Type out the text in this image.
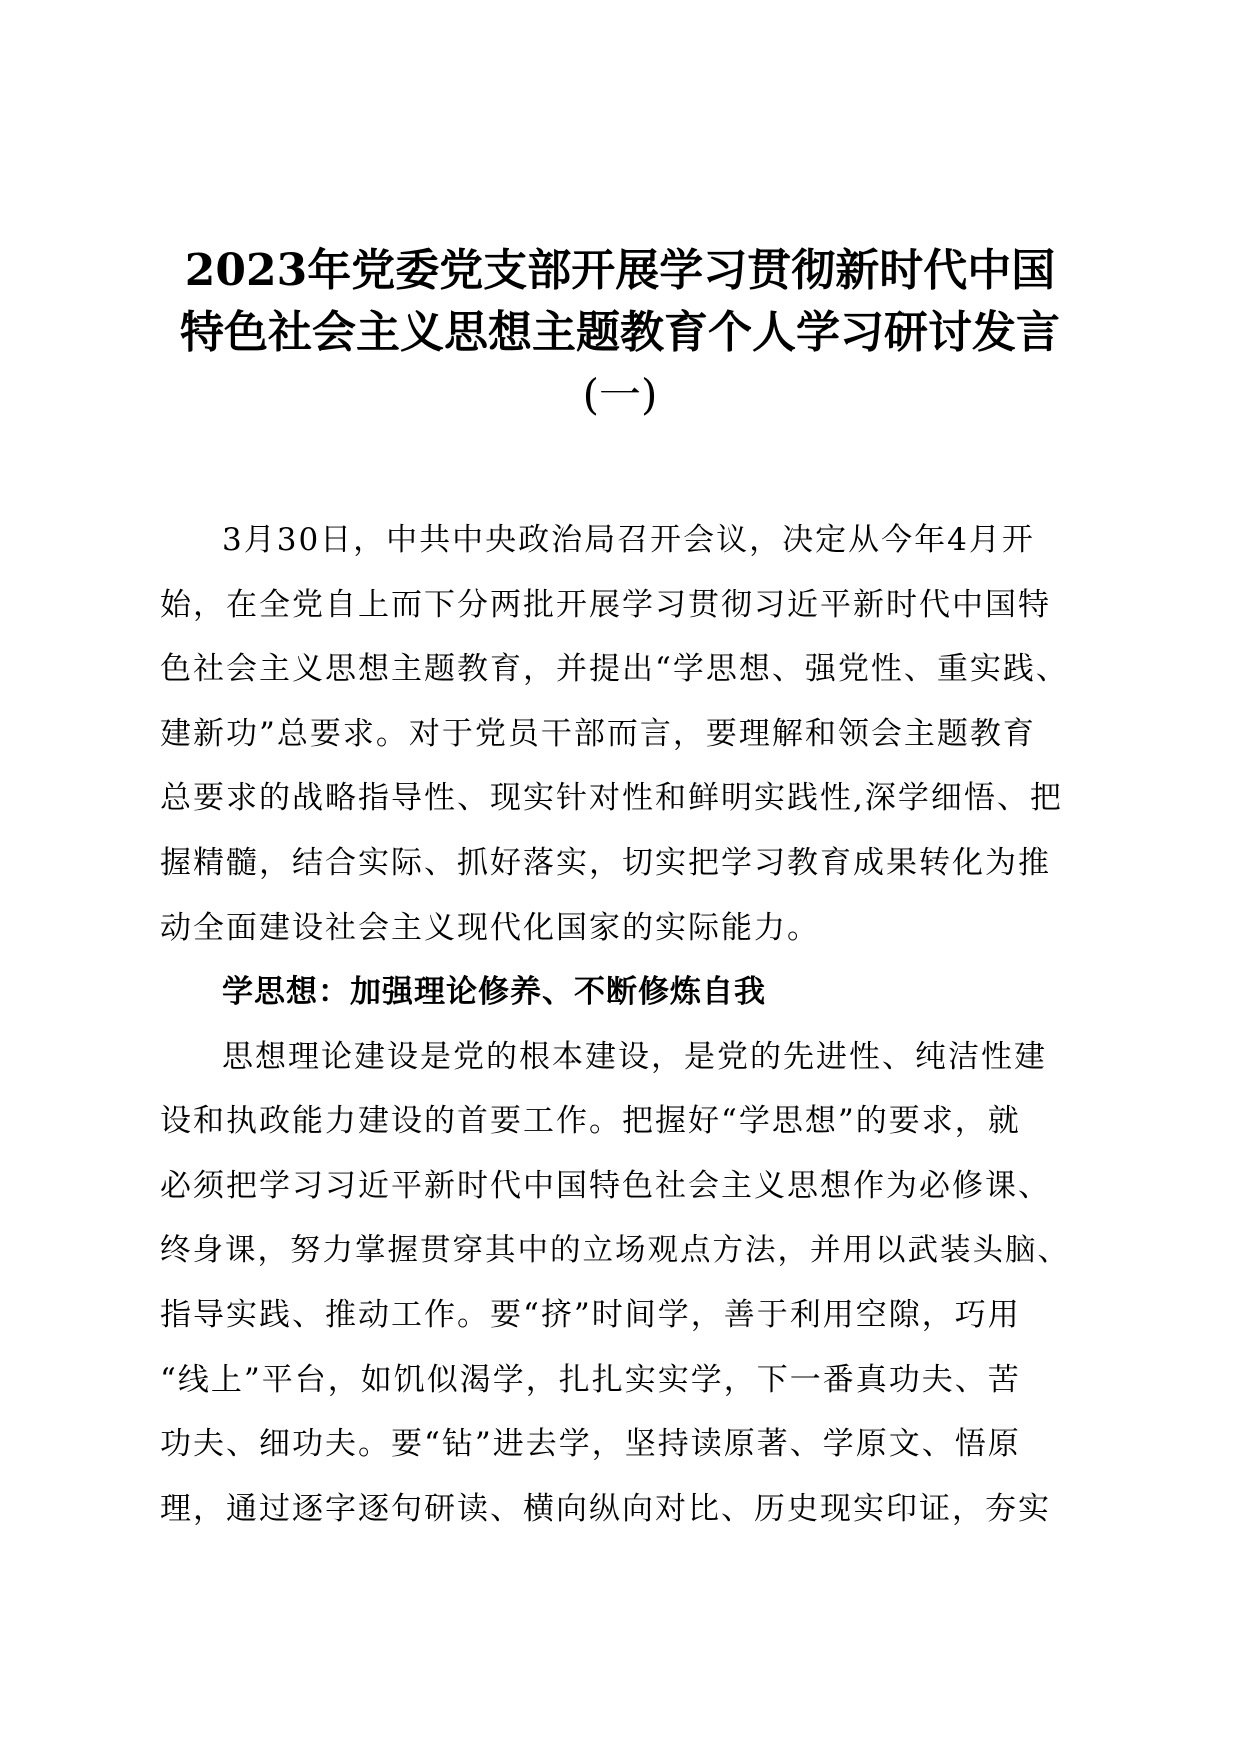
2023年党委党支部开展学习贯彻新时代中国
特色社会主义思想主题教育个人学习研讨发言
(一)
3月30日，中共中央政治局召开会议，决定从今年4月开
始，在全党自上而下分两批开展学习贯彻习近平新时代中国特
色社会主义思想主题教育，并提出“学思想、强党性、重实践、
建新功”总要求。对于党员干部而言，要理解和领会主题教育
总要求的战略指导性、现实针对性和鲜明实践性,深学细悟、把
握精髓，结合实际、抓好落实，切实把学习教育成果转化为推
动全面建设社会主义现代化国家的实际能力。
学思想：加强理论修养、不断修炼自我
思想理论建设是党的根本建设，是党的先进性、纯洁性建
设和执政能力建设的首要工作。把握好“学思想”的要求，就
必须把学习习近平新时代中国特色社会主义思想作为必修课、
终身课，努力掌握贯穿其中的立场观点方法，并用以武装头脑、
指导实践、推动工作。要“挤”时间学，善于利用空隙，巧用
“线上”平台，如饥似渴学，扎扎实实学，下一番真功夫、苦
功夫、细功夫。要“钻”进去学，坚持读原著、学原文、悟原
理，通过逐字逐句研读、横向纵向对比、历史现实印证，夯实
